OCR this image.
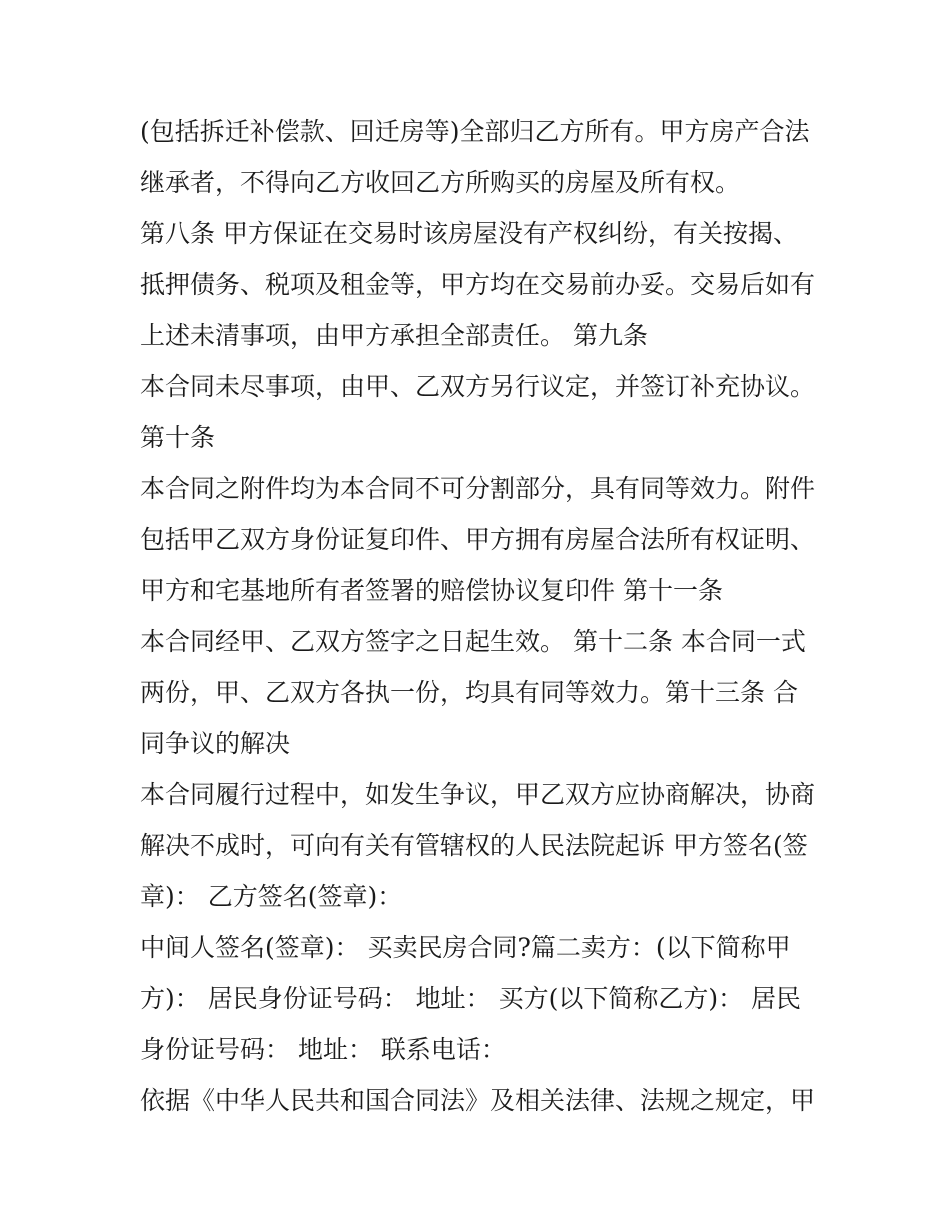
(包括拆迁补偿款、回迁房等)全部归乙方所有。甲方房产合法
继承者，不得向乙方收回乙方所购买的房屋及所有权。
第八条 甲方保证在交易时该房屋没有产权纠纷，有关按揭、
抵押债务、税项及租金等，甲方均在交易前办妥。交易后如有
上述未清事项，由甲方承担全部责任。 第九条
本合同未尽事项，由甲、乙双方另行议定，并签订补充协议。
第十条
本合同之附件均为本合同不可分割部分，具有同等效力。附件
包括甲乙双方身份证复印件、甲方拥有房屋合法所有权证明、
甲方和宅基地所有者签署的赔偿协议复印件 第十一条
本合同经甲、乙双方签字之日起生效。 第十二条 本合同一式
两份，甲、乙双方各执一份，均具有同等效力。第十三条 合
同争议的解决
本合同履行过程中，如发生争议，甲乙双方应协商解决，协商
解决不成时，可向有关有管辖权的人民法院起诉 甲方签名(签
章)： 乙方签名(签章)：
中间人签名(签章)： 买卖民房合同?篇二卖方：(以下简称甲
方)： 居民身份证号码： 地址： 买方(以下简称乙方)： 居民
身份证号码： 地址： 联系电话：
依据《中华人民共和国合同法》及相关法律、法规之规定，甲
